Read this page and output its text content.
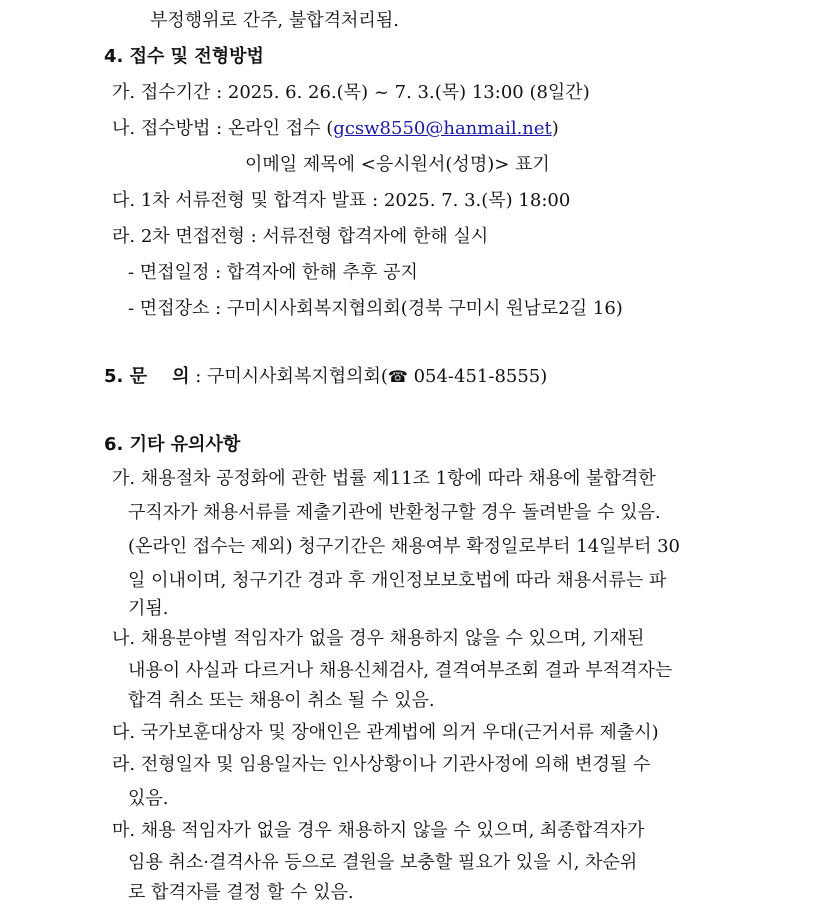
부정행위로 간주, 불합격처리됨.
4. 접수 및 전형방법
가. 접수기간 : 2025. 6. 26.(목) ~ 7. 3.(목) 13:00 (8일간)
나. 접수방법 : 온라인 접수 (gcsw8550@hanmail.net)
이메일 제목에 <응시원서(성명)> 표기
다. 1차 서류전형 및 합격자 발표 : 2025. 7. 3.(목) 18:00
라. 2차 면접전형 : 서류전형 합격자에 한해 실시
- 면접일정 : 합격자에 한해 추후 공지
- 면접장소 : 구미시사회복지협의회(경북 구미시 원남로2길 16)
5. 문    의 : 구미시사회복지협의회(☎ 054-451-8555)
6. 기타 유의사항
가. 채용절차 공정화에 관한 법률 제11조 1항에 따라 채용에 불합격한
구직자가 채용서류를 제출기관에 반환청구할 경우 돌려받을 수 있음.
(온라인 접수는 제외) 청구기간은 채용여부 확정일로부터 14일부터 30
일 이내이며, 청구기간 경과 후 개인정보보호법에 따라 채용서류는 파
기됨.
나. 채용분야별 적임자가 없을 경우 채용하지 않을 수 있으며, 기재된
내용이 사실과 다르거나 채용신체검사, 결격여부조회 결과 부적격자는
합격 취소 또는 채용이 취소 될 수 있음.
다. 국가보훈대상자 및 장애인은 관계법에 의거 우대(근거서류 제출시)
라. 전형일자 및 임용일자는 인사상황이나 기관사정에 의해 변경될 수
있음.
마. 채용 적임자가 없을 경우 채용하지 않을 수 있으며, 최종합격자가
임용 취소·결격사유 등으로 결원을 보충할 필요가 있을 시, 차순위
로 합격자를 결정 할 수 있음.
